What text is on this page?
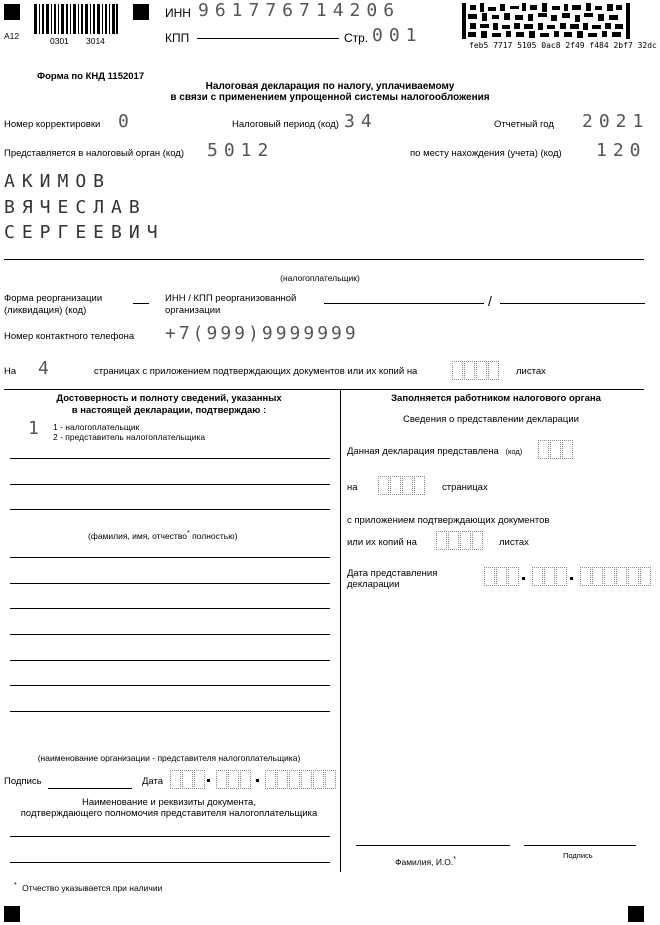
A12	0301 3014
ИНН 961776714206
КПП	Стр. 001	feb5 7717 5105 0ac8 2f49 f484 2bf7 32dc
Форма по КНД 1152017
Налоговая декларация по налогу, уплачиваемому
в связи с применением упрощенной системы налогообложения
Номер корректировки 0	Налоговый период (код) 34	Отчетный год 2021
Представляется в налоговый орган (код) 5012	по месту нахождения (учета) (код) 120
АКИМОВ
ВЯЧЕСЛАВ
СЕРГЕЕВИЧ
(налогоплательщик)
Форма реорганизации
(ликвидация) (код)
ИНН / КПП реорганизованной
организации
/
Номер контактного телефона +7(999)9999999
На 4	страницах с приложением подтверждающих документов или их копий на	листах
Достоверность и полноту сведений, указанных
в настоящей декларации, подтверждаю :
1 1 - налогоплательщик
2 - представитель налогоплательщика
(фамилия, имя, отчество* полностью)
(наименование организации - представителя налогоплательщика)
Подпись	Дата
Наименование и реквизиты документа,
подтверждающего полномочия представителя налогоплательщика
Заполняется работником налогового органа
Сведения о представлении декларации
Данная декларация представлена (код)
на	страницах
с приложением подтверждающих документов
или их копий на	листах
Дата представления
декларации
Фамилия, И.О.*	Подпись
* Отчество указывается при наличии
